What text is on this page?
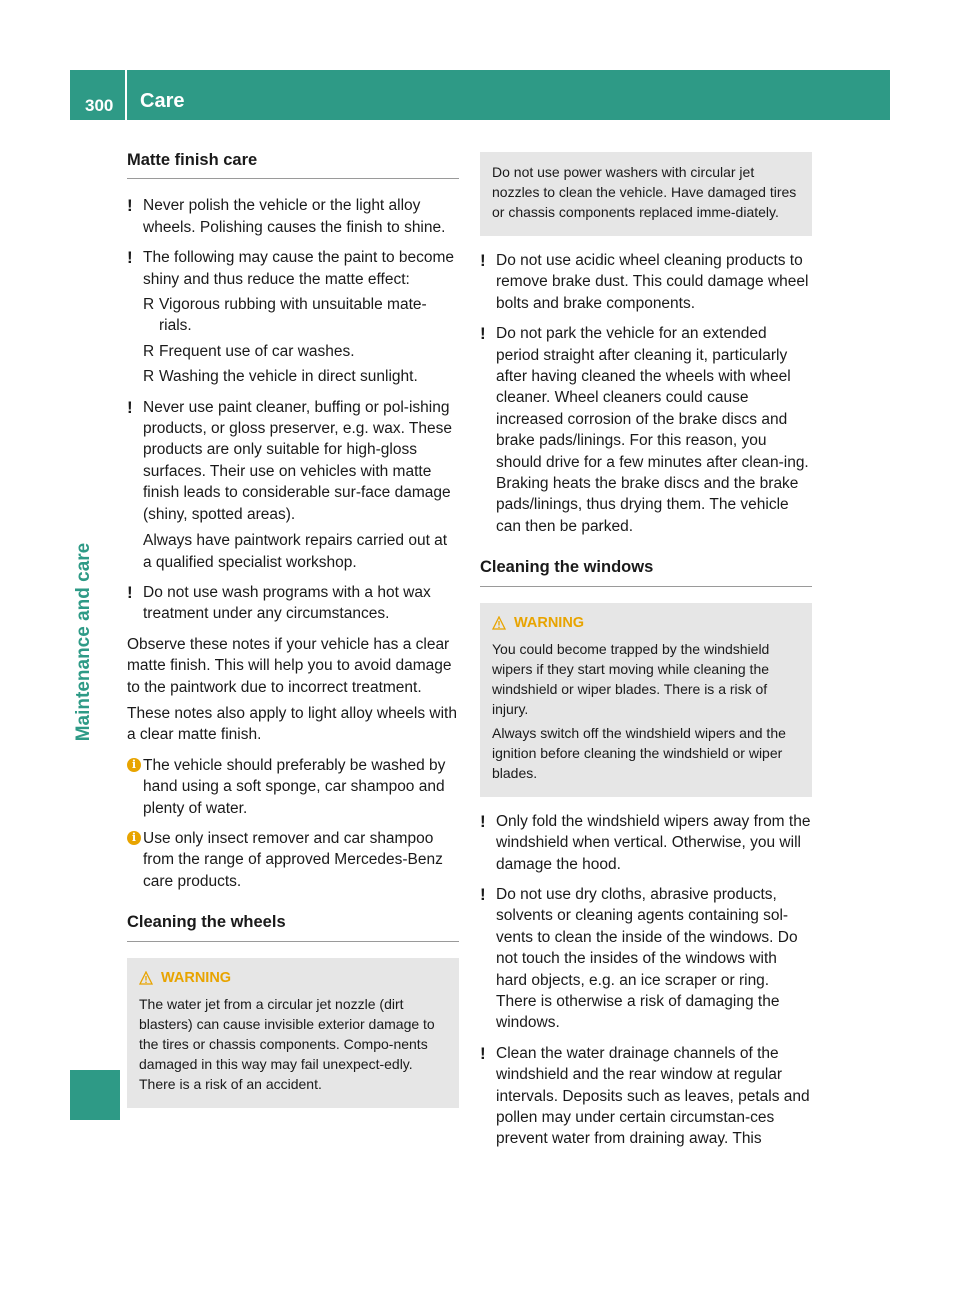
300 Care
Maintenance and care
Matte finish care
! Never polish the vehicle or the light alloy wheels. Polishing causes the finish to shine.
! The following may cause the paint to become shiny and thus reduce the matte effect:
R Vigorous rubbing with unsuitable mate-rials.
R Frequent use of car washes.
R Washing the vehicle in direct sunlight.
! Never use paint cleaner, buffing or pol-ishing products, or gloss preserver, e.g. wax. These products are only suitable for high-gloss surfaces. Their use on vehicles with matte finish leads to considerable sur-face damage (shiny, spotted areas).
Always have paintwork repairs carried out at a qualified specialist workshop.
! Do not use wash programs with a hot wax treatment under any circumstances.
Observe these notes if your vehicle has a clear matte finish. This will help you to avoid damage to the paintwork due to incorrect treatment.
These notes also apply to light alloy wheels with a clear matte finish.
i The vehicle should preferably be washed by hand using a soft sponge, car shampoo and plenty of water.
i Use only insect remover and car shampoo from the range of approved Mercedes-Benz care products.
Cleaning the wheels
WARNING

The water jet from a circular jet nozzle (dirt blasters) can cause invisible exterior damage to the tires or chassis components. Compo-nents damaged in this way may fail unexpect-edly. There is a risk of an accident.

Do not use power washers with circular jet nozzles to clean the vehicle. Have damaged tires or chassis components replaced imme-diately.

! Do not use acidic wheel cleaning products to remove brake dust. This could damage wheel bolts and brake components.
! Do not park the vehicle for an extended period straight after cleaning it, particularly after having cleaned the wheels with wheel cleaner. Wheel cleaners could cause increased corrosion of the brake discs and brake pads/linings. For this reason, you should drive for a few minutes after clean-ing. Braking heats the brake discs and the brake pads/linings, thus drying them. The vehicle can then be parked.
Cleaning the windows
WARNING

You could become trapped by the windshield wipers if they start moving while cleaning the windshield or wiper blades. There is a risk of injury.

Always switch off the windshield wipers and the ignition before cleaning the windshield or wiper blades.

! Only fold the windshield wipers away from the windshield when vertical. Otherwise, you will damage the hood.
! Do not use dry cloths, abrasive products, solvents or cleaning agents containing sol-vents to clean the inside of the windows. Do not touch the insides of the windows with hard objects, e.g. an ice scraper or ring. There is otherwise a risk of damaging the windows.
! Clean the water drainage channels of the windshield and the rear window at regular intervals. Deposits such as leaves, petals and pollen may under certain circumstan-ces prevent water from draining away. This
